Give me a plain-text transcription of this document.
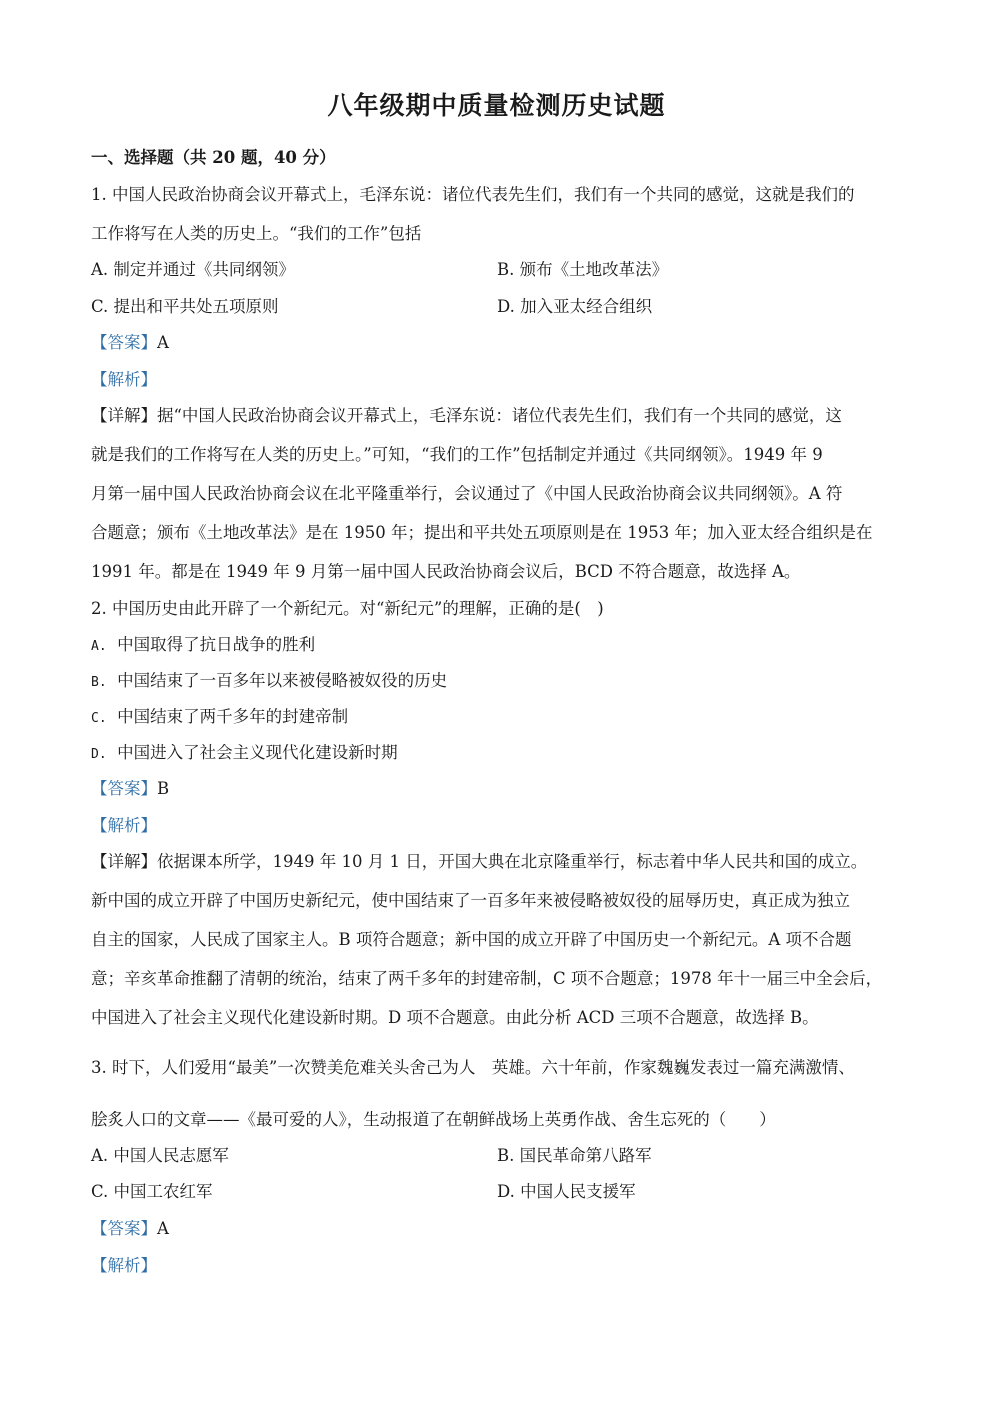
八年级期中质量检测历史试题
一、选择题（共 20 题，40 分）
1. 中国人民政治协商会议开幕式上，毛泽东说：诸位代表先生们，我们有一个共同的感觉，这就是我们的
工作将写在人类的历史上。“我们的工作”包括
A. 制定并通过《共同纲领》	B. 颁布《土地改革法》
C. 提出和平共处五项原则	D. 加入亚太经合组织
【答案】A
【解析】
【详解】据“中国人民政治协商会议开幕式上，毛泽东说：诸位代表先生们，我们有一个共同的感觉，这
就是我们的工作将写在人类的历史上。”可知，“我们的工作”包括制定并通过《共同纲领》。1949 年 9
月第一届中国人民政治协商会议在北平隆重举行，会议通过了《中国人民政治协商会议共同纲领》。A 符
合题意；颁布《土地改革法》是在 1950 年；提出和平共处五项原则是在 1953 年；加入亚太经合组织是在
1991 年。都是在 1949 年 9 月第一届中国人民政治协商会议后，BCD 不符合题意，故选择 A。
2. 中国历史由此开辟了一个新纪元。对“新纪元”的理解，正确的是(　)
A. 中国取得了抗日战争的胜利
B. 中国结束了一百多年以来被侵略被奴役的历史
C. 中国结束了两千多年的封建帝制
D. 中国进入了社会主义现代化建设新时期
【答案】B
【解析】
【详解】依据课本所学，1949 年 10 月 1 日，开国大典在北京隆重举行，标志着中华人民共和国的成立。
新中国的成立开辟了中国历史新纪元，使中国结束了一百多年来被侵略被奴役的屈辱历史，真正成为独立
自主的国家，人民成了国家主人。B 项符合题意；新中国的成立开辟了中国历史一个新纪元。A 项不合题
意；辛亥革命推翻了清朝的统治，结束了两千多年的封建帝制，C 项不合题意；1978 年十一届三中全会后，
中国进入了社会主义现代化建设新时期。D 项不合题意。由此分析 ACD 三项不合题意，故选择 B。
3. 时下，人们爱用“最美”一次赞美危难关头舍己为人　英雄。六十年前，作家魏巍发表过一篇充满激情、
脍炙人口的文章——《最可爱的人》，生动报道了在朝鲜战场上英勇作战、舍生忘死的（　　）
A. 中国人民志愿军	B. 国民革命第八路军
C. 中国工农红军	D. 中国人民支援军
【答案】A
【解析】
